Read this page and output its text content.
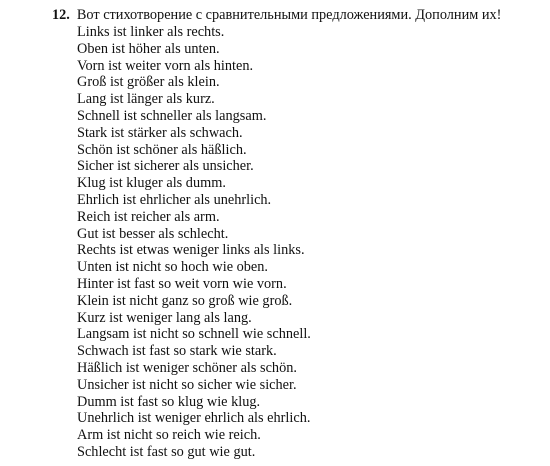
12. Вот стихотворение с сравнительными предложениями. Дополним их!
Links ist linker als rechts.
Oben ist höher als unten.
Vorn ist weiter vorn als hinten.
Groß ist größer als klein.
Lang ist länger als kurz.
Schnell ist schneller als langsam.
Stark ist stärker als schwach.
Schön ist schöner als häßlich.
Sicher ist sicherer als unsicher.
Klug ist kluger als dumm.
Ehrlich ist ehrlicher als unehrlich.
Reich ist reicher als arm.
Gut ist besser als schlecht.
Rechts ist etwas weniger links als links.
Unten ist nicht so hoch wie oben.
Hinter ist fast so weit vorn wie vorn.
Klein ist nicht ganz so groß wie groß.
Kurz ist weniger lang als lang.
Langsam ist nicht so schnell wie schnell.
Schwach ist fast so stark wie stark.
Häßlich ist weniger schöner als schön.
Unsicher ist nicht so sicher wie sicher.
Dumm ist fast so klug wie klug.
Unehrlich ist weniger ehrlich als ehrlich.
Arm ist nicht so reich wie reich.
Schlecht ist fast so gut wie gut.
